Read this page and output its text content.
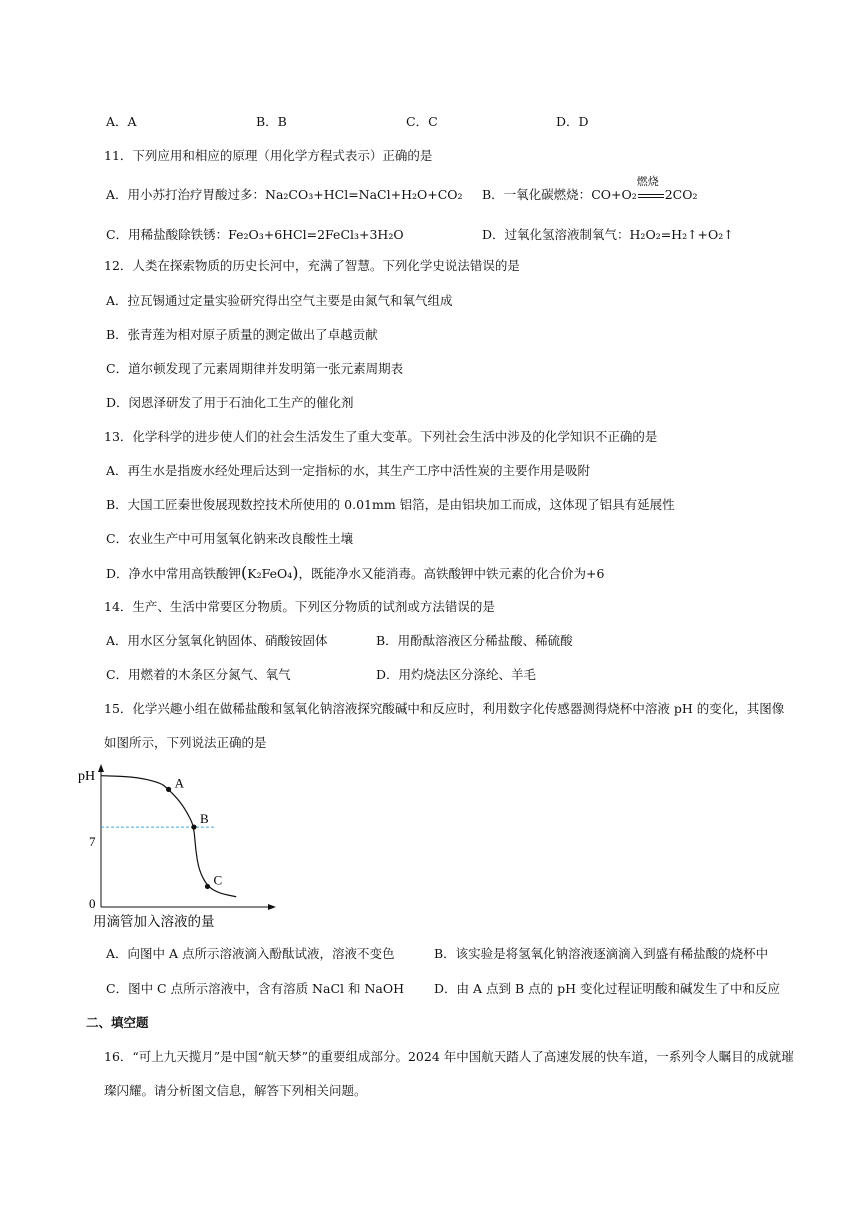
A．A	B．B	C．C	D．D
11．下列应用和相应的原理（用化学方程式表示）正确的是
A．用小苏打治疗胃酸过多：Na₂CO₃+HCl=NaCl+H₂O+CO₂ B．一氧化碳燃烧：CO+O₂
燃烧
2CO₂
C．用稀盐酸除铁锈：Fe₂O₃+6HCl=2FeCl₃+3H₂O	D．过氧化氢溶液制氧气：H₂O₂=H₂↑+O₂↑
12．人类在探索物质的历史长河中，充满了智慧。下列化学史说法错误的是
A．拉瓦锡通过定量实验研究得出空气主要是由氮气和氧气组成
B．张青莲为相对原子质量的测定做出了卓越贡献
C．道尔顿发现了元素周期律并发明第一张元素周期表
D．闵恩泽研发了用于石油化工生产的催化剂
13．化学科学的进步使人们的社会生活发生了重大变革。下列社会生活中涉及的化学知识不正确的是
A．再生水是指废水经处理后达到一定指标的水，其生产工序中活性炭的主要作用是吸附
B．大国工匠秦世俊展现数控技术所使用的 0.01mm 铝箔，是由铝块加工而成，这体现了铝具有延展性
C．农业生产中可用氢氧化钠来改良酸性土壤
D．净水中常用高铁酸钾(K₂FeO₄)，既能净水又能消毒。高铁酸钾中铁元素的化合价为+6
14．生产、生活中常要区分物质。下列区分物质的试剂或方法错误的是
A．用水区分氢氧化钠固体、硝酸铵固体	B．用酚酞溶液区分稀盐酸、稀硫酸
C．用燃着的木条区分氮气、氧气	D．用灼烧法区分涤纶、羊毛
15．化学兴趣小组在做稀盐酸和氢氧化钠溶液探究酸碱中和反应时，利用数字化传感器测得烧杯中溶液 pH 的变化，其图像
如图所示，下列说法正确的是
pH
7
0
A
B
C
用滴管加入溶液的量
A．向图中 A 点所示溶液滴入酚酞试液，溶液不变色	B．该实验是将氢氧化钠溶液逐滴滴入到盛有稀盐酸的烧杯中
C．图中 C 点所示溶液中，含有溶质 NaCl 和 NaOH D．由 A 点到 B 点的 pH 变化过程证明酸和碱发生了中和反应
二、填空题
16．“可上九天揽月”是中国“航天梦”的重要组成部分。2024 年中国航天踏人了高速发展的快车道，一系列令人瞩目的成就璀
璨闪耀。请分析图文信息，解答下列相关问题。
